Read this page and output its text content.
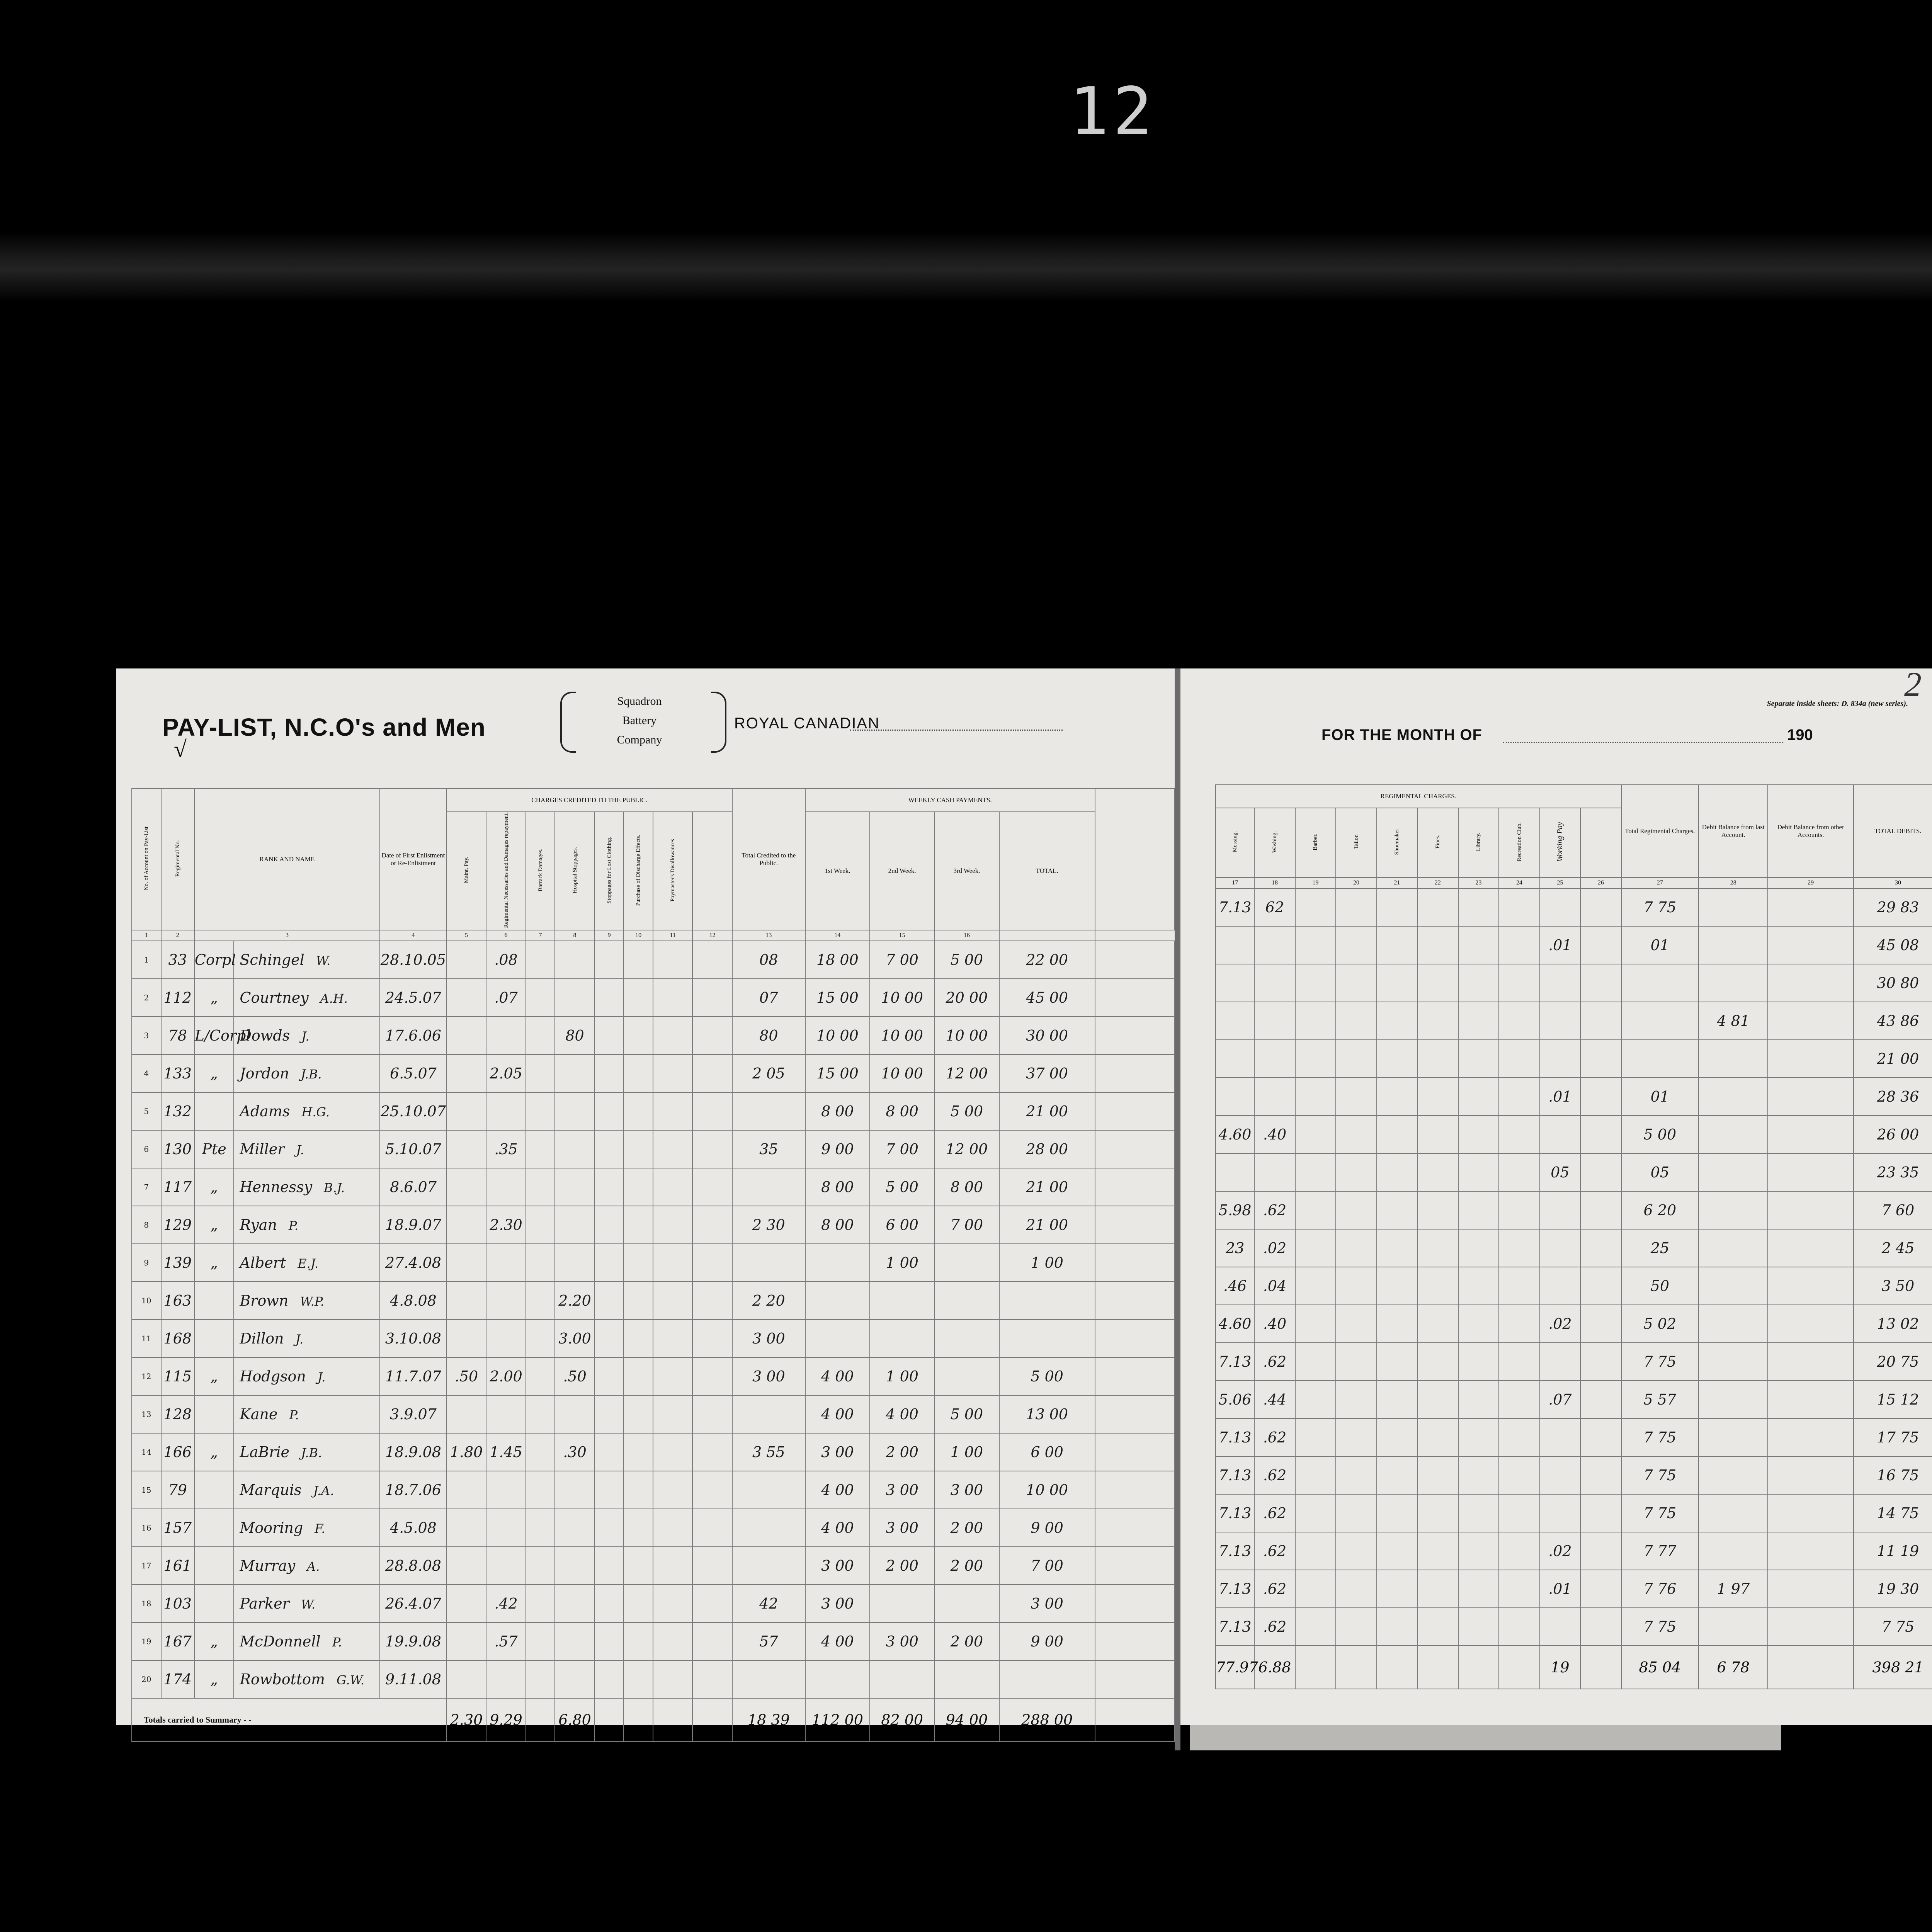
12
PAY-LIST, N.C.O's and Men
√
Squadron
Battery
Company
ROYAL CANADIAN
No. of Account on Pay-List	Regimental No.	RANK AND NAME		Date of First Enlistment or Re-Enlistment	CHARGES CREDITED TO THE PUBLIC.								Total Credited to the Public.	WEEKLY CASH PAYMENTS.				
					Maint. Pay.	Regimental Necessaries and Damages repayment.	Barrack Damages.	Hospital Stoppages.	Stoppages for Lost Clothing.	Purchase of Discharge Effects.	Paymaster's Disallowances			1st Week.	2nd Week.	3rd Week.	TOTAL.	
1	2	3		4	5	6	7	8	9	10	11	12	13	14	15	16		
1	33	Corpl	Schingel W.	28.10.05		.08							08	18 00	7 00	5 00	22 00	
2	112	„	Courtney A.H.	24.5.07		.07							07	15 00	10 00	20 00	45 00	
3	78	L/Corpl	Dowds J.	17.6.06				80					80	10 00	10 00	10 00	30 00	
4	133	„	Jordon J.B.	6.5.07		2.05							2 05	15 00	10 00	12 00	37 00	
5	132		Adams H.G.	25.10.07										8 00	8 00	5 00	21 00	
6	130	Pte	Miller J.	5.10.07		.35							35	9 00	7 00	12 00	28 00	
7	117	„	Hennessy B.J.	8.6.07										8 00	5 00	8 00	21 00	
8	129	„	Ryan P.	18.9.07		2.30							2 30	8 00	6 00	7 00	21 00	
9	139	„	Albert E.J.	27.4.08											1 00		1 00	
10	163		Brown W.P.	4.8.08				2.20					2 20					
11	168		Dillon J.	3.10.08				3.00					3 00					
12	115	„	Hodgson J.	11.7.07	.50	2.00		.50					3 00	4 00	1 00		5 00	
13	128		Kane P.	3.9.07										4 00	4 00	5 00	13 00	
14	166	„	LaBrie J.B.	18.9.08	1.80	1.45		.30					3 55	3 00	2 00	1 00	6 00	
15	79		Marquis J.A.	18.7.06										4 00	3 00	3 00	10 00	
16	157		Mooring F.	4.5.08										4 00	3 00	2 00	9 00	
17	161		Murray A.	28.8.08										3 00	2 00	2 00	7 00	
18	103		Parker W.	26.4.07		.42							42	3 00			3 00	
19	167	„	McDonnell P.	19.9.08		.57							57	4 00	3 00	2 00	9 00	
20	174	„	Rowbottom G.W.	9.11.08														
Totals carried to Summary - -					2.30	9.29		6.80					18 39	112 00	82 00	94 00	288 00	
2
Separate inside sheets: D. 834a (new series).
FOR THE MONTH OF	190
REGIMENTAL CHARGES.										Total Regimental Charges.	Debit Balance from last Account.	Debit Balance from other Accounts.	TOTAL DEBITS.
Messing.	Washing.	Barber.	Tailor.	Shoemaker	Fines.	Library.	Recreation Club.	Working Pay					
17	18	19	20	21	22	23	24	25	26	27	28	29	30
7.13	62									7 75			29 83
								.01		01			45 08
													30 80
											4 81		43 86
													21 00
								.01		01			28 36
4.60	.40									5 00			26 00
								05		05			23 35
5.98	.62									6 20			7 60
23	.02									25			2 45
.46	.04									50			3 50
4.60	.40							.02		5 02			13 02
7.13	.62									7 75			20 75
5.06	.44							.07		5 57			15 12
7.13	.62									7 75			17 75
7.13	.62									7 75			16 75
7.13	.62									7 75			14 75
7.13	.62							.02		7 77			11 19
7.13	.62							.01		7 76	1 97		19 30
7.13	.62									7 75			7 75
77.97	6.88							19		85 04	6 78		398 21
